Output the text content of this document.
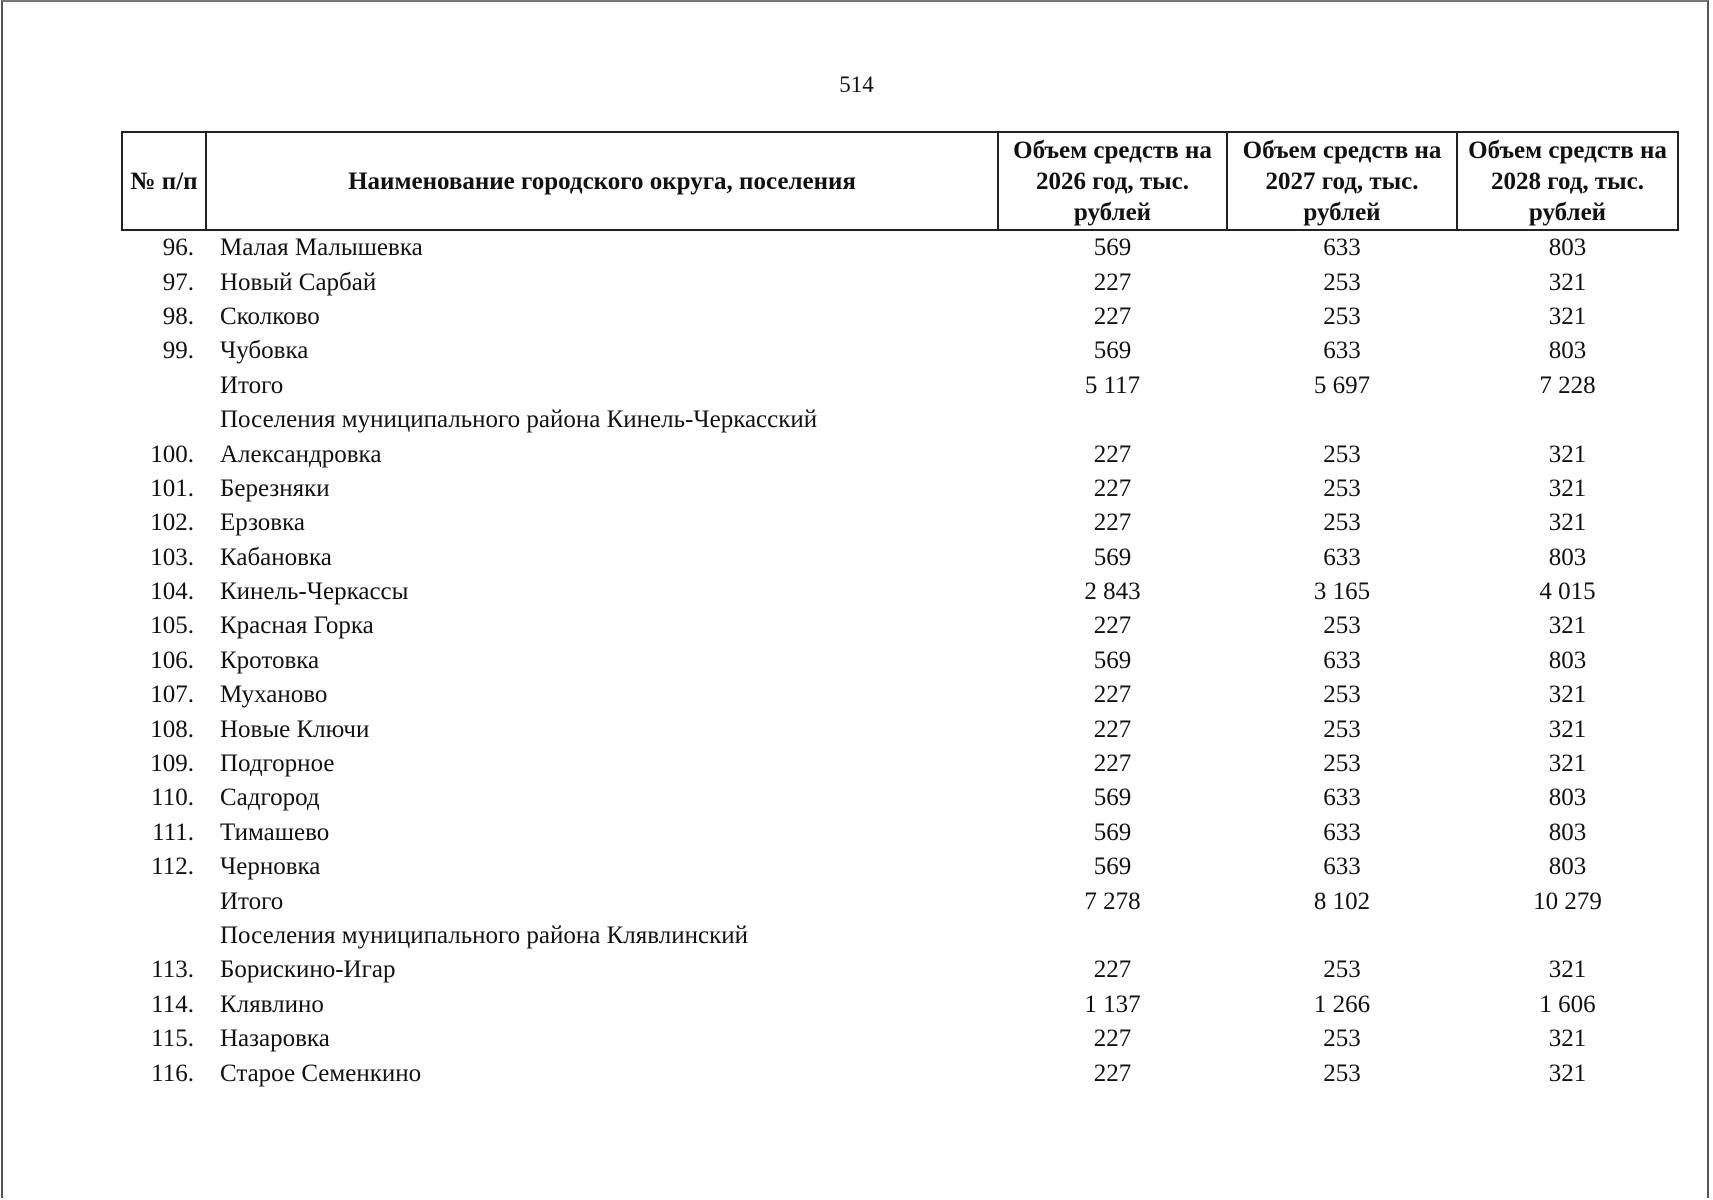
514
№ п/п	Наименование городского округа, поселения	Объем средств на 2026 год, тыс. рублей	Объем средств на 2027 год, тыс. рублей	Объем средств на 2028 год, тыс. рублей
96.	Малая Малышевка	569	633	803
97.	Новый Сарбай	227	253	321
98.	Сколково	227	253	321
99.	Чубовка	569	633	803
	Итого	5 117	5 697	7 228
	Поселения муниципального района Кинель-Черкасский			
100.	Александровка	227	253	321
101.	Березняки	227	253	321
102.	Ерзовка	227	253	321
103.	Кабановка	569	633	803
104.	Кинель-Черкассы	2 843	3 165	4 015
105.	Красная Горка	227	253	321
106.	Кротовка	569	633	803
107.	Муханово	227	253	321
108.	Новые Ключи	227	253	321
109.	Подгорное	227	253	321
110.	Садгород	569	633	803
111.	Тимашево	569	633	803
112.	Черновка	569	633	803
	Итого	7 278	8 102	10 279
	Поселения муниципального района Клявлинский			
113.	Борискино-Игар	227	253	321
114.	Клявлино	1 137	1 266	1 606
115.	Назаровка	227	253	321
116.	Старое Семенкино	227	253	321
